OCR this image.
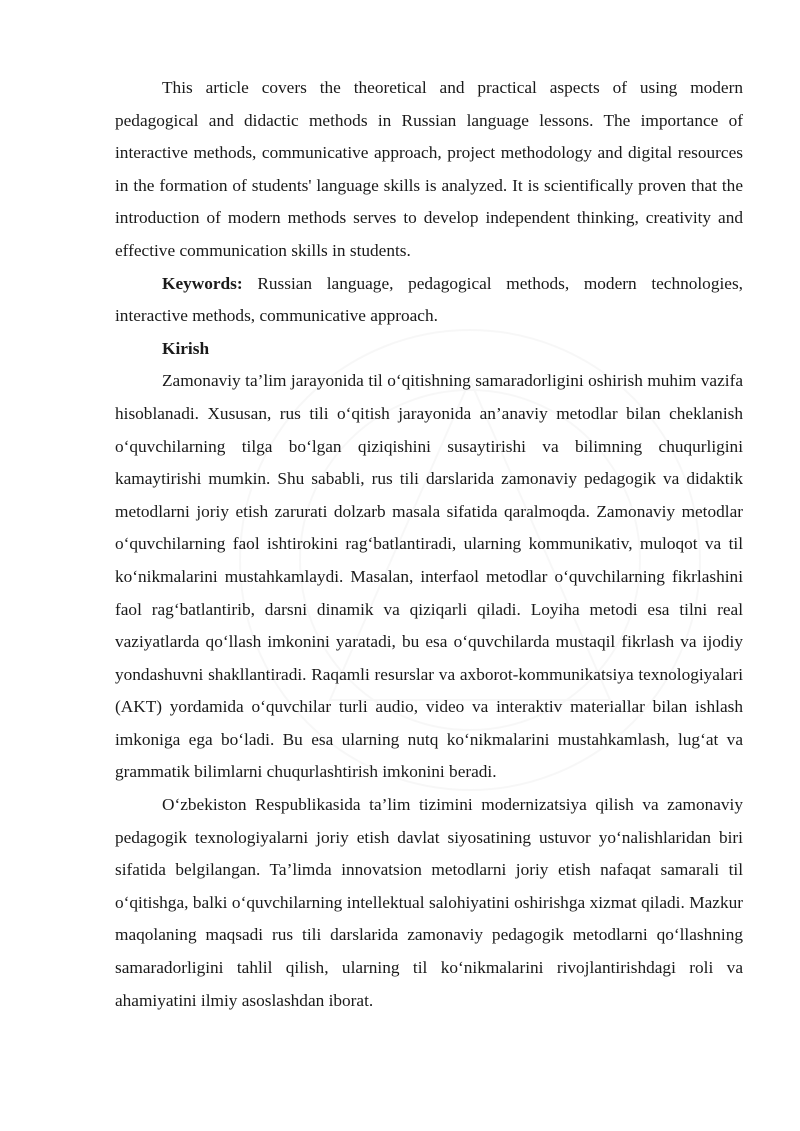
This article covers the theoretical and practical aspects of using modern pedagogical and didactic methods in Russian language lessons. The importance of interactive methods, communicative approach, project methodology and digital resources in the formation of students' language skills is analyzed. It is scientifically proven that the introduction of modern methods serves to develop independent thinking, creativity and effective communication skills in students.

Keywords: Russian language, pedagogical methods, modern technologies, interactive methods, communicative approach.

Kirish

Zamonaviy ta’lim jarayonida til o‘qitishning samaradorligini oshirish muhim vazifa hisoblanadi. Xususan, rus tili o‘qitish jarayonida an’anaviy metodlar bilan cheklanish o‘quvchilarning tilga bo‘lgan qiziqishini susaytirishi va bilimning chuqurligini kamaytirishi mumkin. Shu sababli, rus tili darslarida zamonaviy pedagogik va didaktik metodlarni joriy etish zarurati dolzarb masala sifatida qaralmoqda. Zamonaviy metodlar o‘quvchilarning faol ishtirokini rag‘batlantiradi, ularning kommunikativ, muloqot va til ko‘nikmalarini mustahkamlaydi. Masalan, interfaol metodlar o‘quvchilarning fikrlashini faol rag‘batlantirib, darsni dinamik va qiziqarli qiladi. Loyiha metodi esa tilni real vaziyatlarda qo‘llash imkonini yaratadi, bu esa o‘quvchilarda mustaqil fikrlash va ijodiy yondashuvni shakllantiradi. Raqamli resurslar va axborot-kommunikatsiya texnologiyalari (AKT) yordamida o‘quvchilar turli audio, video va interaktiv materiallar bilan ishlash imkoniga ega bo‘ladi. Bu esa ularning nutq ko‘nikmalarini mustahkamlash, lug‘at va grammatik bilimlarni chuqurlashtirish imkonini beradi.

O‘zbekiston Respublikasida ta’lim tizimini modernizatsiya qilish va zamonaviy pedagogik texnologiyalarni joriy etish davlat siyosatining ustuvor yo‘nalishlaridan biri sifatida belgilangan. Ta’limda innovatsion metodlarni joriy etish nafaqat samarali til o‘qitishga, balki o‘quvchilarning intellektual salohiyatini oshirishga xizmat qiladi. Mazkur maqolaning maqsadi rus tili darslarida zamonaviy pedagogik metodlarni qo‘llashning samaradorligini tahlil qilish, ularning til ko‘nikmalarini rivojlantirishdagi roli va ahamiyatini ilmiy asoslashdan iborat.
